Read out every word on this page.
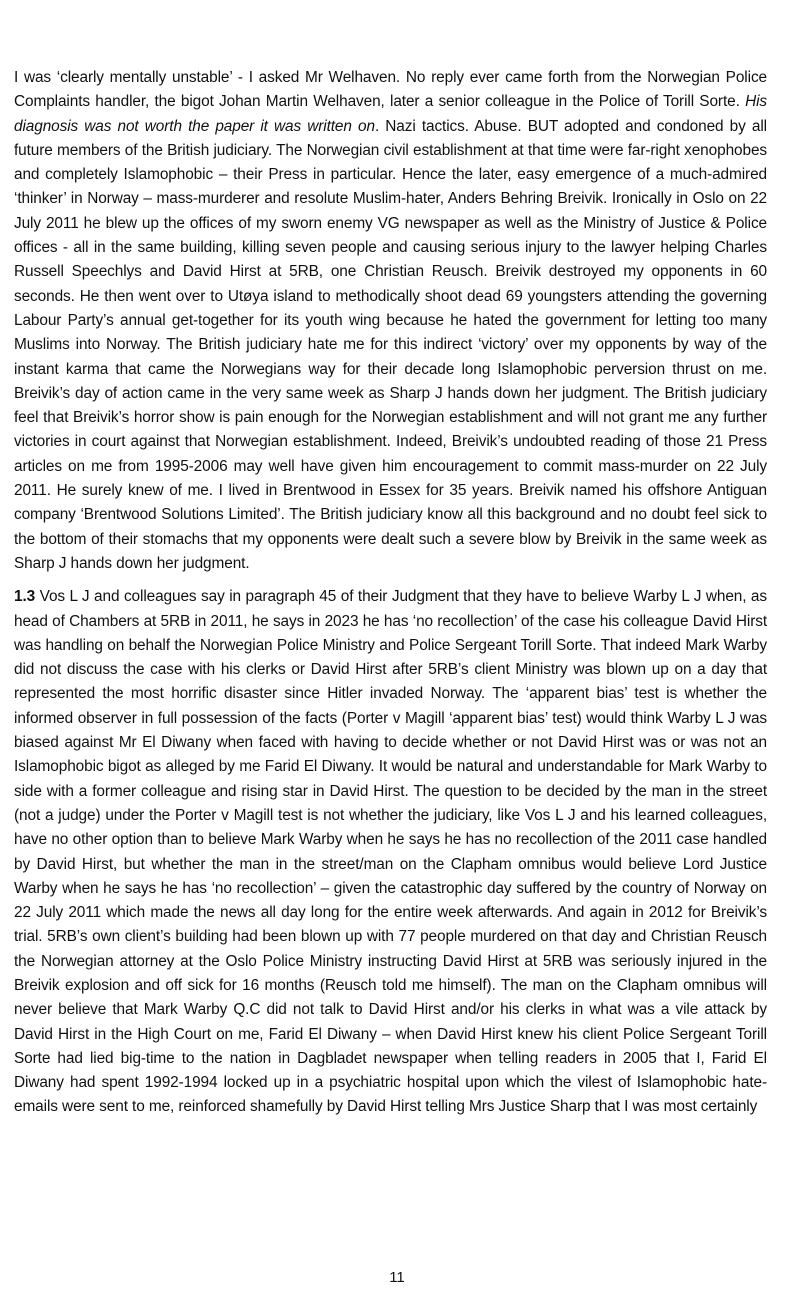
I was ‘clearly mentally unstable’ - I asked Mr Welhaven. No reply ever came forth from the Norwegian Police Complaints handler, the bigot Johan Martin Welhaven, later a senior colleague in the Police of Torill Sorte. His diagnosis was not worth the paper it was written on. Nazi tactics. Abuse. BUT adopted and condoned by all future members of the British judiciary. The Norwegian civil establishment at that time were far-right xenophobes and completely Islamophobic – their Press in particular. Hence the later, easy emergence of a much-admired ‘thinker’ in Norway – mass-murderer and resolute Muslim-hater, Anders Behring Breivik. Ironically in Oslo on 22 July 2011 he blew up the offices of my sworn enemy VG newspaper as well as the Ministry of Justice & Police offices - all in the same building, killing seven people and causing serious injury to the lawyer helping Charles Russell Speechlys and David Hirst at 5RB, one Christian Reusch. Breivik destroyed my opponents in 60 seconds. He then went over to Utøya island to methodically shoot dead 69 youngsters attending the governing Labour Party’s annual get-together for its youth wing because he hated the government for letting too many Muslims into Norway. The British judiciary hate me for this indirect ‘victory’ over my opponents by way of the instant karma that came the Norwegians way for their decade long Islamophobic perversion thrust on me. Breivik’s day of action came in the very same week as Sharp J hands down her judgment. The British judiciary feel that Breivik’s horror show is pain enough for the Norwegian establishment and will not grant me any further victories in court against that Norwegian establishment. Indeed, Breivik’s undoubted reading of those 21 Press articles on me from 1995-2006 may well have given him encouragement to commit mass-murder on 22 July 2011. He surely knew of me. I lived in Brentwood in Essex for 35 years. Breivik named his offshore Antiguan company ‘Brentwood Solutions Limited’. The British judiciary know all this background and no doubt feel sick to the bottom of their stomachs that my opponents were dealt such a severe blow by Breivik in the same week as Sharp J hands down her judgment.

1.3 Vos L J and colleagues say in paragraph 45 of their Judgment that they have to believe Warby L J when, as head of Chambers at 5RB in 2011, he says in 2023 he has ‘no recollection’ of the case his colleague David Hirst was handling on behalf the Norwegian Police Ministry and Police Sergeant Torill Sorte. That indeed Mark Warby did not discuss the case with his clerks or David Hirst after 5RB’s client Ministry was blown up on a day that represented the most horrific disaster since Hitler invaded Norway. The ‘apparent bias’ test is whether the informed observer in full possession of the facts (Porter v Magill ‘apparent bias’ test) would think Warby L J was biased against Mr El Diwany when faced with having to decide whether or not David Hirst was or was not an Islamophobic bigot as alleged by me Farid El Diwany. It would be natural and understandable for Mark Warby to side with a former colleague and rising star in David Hirst. The question to be decided by the man in the street (not a judge) under the Porter v Magill test is not whether the judiciary, like Vos L J and his learned colleagues, have no other option than to believe Mark Warby when he says he has no recollection of the 2011 case handled by David Hirst, but whether the man in the street/man on the Clapham omnibus would believe Lord Justice Warby when he says he has ‘no recollection’ – given the catastrophic day suffered by the country of Norway on 22 July 2011 which made the news all day long for the entire week afterwards. And again in 2012 for Breivik’s trial. 5RB’s own client’s building had been blown up with 77 people murdered on that day and Christian Reusch the Norwegian attorney at the Oslo Police Ministry instructing David Hirst at 5RB was seriously injured in the Breivik explosion and off sick for 16 months (Reusch told me himself). The man on the Clapham omnibus will never believe that Mark Warby Q.C did not talk to David Hirst and/or his clerks in what was a vile attack by David Hirst in the High Court on me, Farid El Diwany – when David Hirst knew his client Police Sergeant Torill Sorte had lied big-time to the nation in Dagbladet newspaper when telling readers in 2005 that I, Farid El Diwany had spent 1992-1994 locked up in a psychiatric hospital upon which the vilest of Islamophobic hate-emails were sent to me, reinforced shamefully by David Hirst telling Mrs Justice Sharp that I was most certainly

11
